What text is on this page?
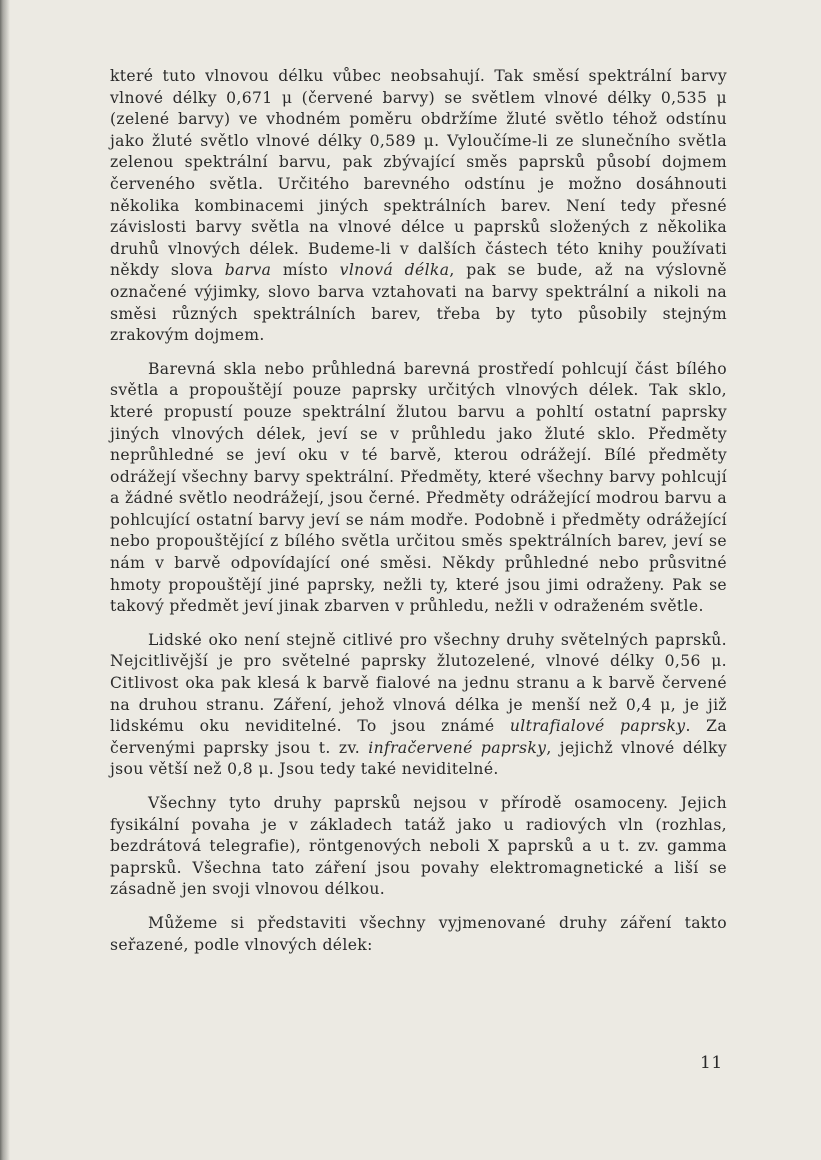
které tuto vlnovou délku vůbec neobsahují. Tak směsí spektrální barvy vlnové délky 0,671 μ (červené barvy) se světlem vlnové délky 0,535 μ (zelené barvy) ve vhodném poměru obdržíme žluté světlo téhož odstínu jako žluté světlo vlnové délky 0,589 μ. Vyloučíme-li ze slunečního světla zelenou spektrální barvu, pak zbývající směs paprsků působí dojmem červeného světla. Určitého barevného odstínu je možno dosáhnouti několika kombinacemi jiných spektrálních barev. Není tedy přesné závislosti barvy světla na vlnové délce u paprsků složených z několika druhů vlnových délek. Budeme-li v dalších částech této knihy používati někdy slova barva místo vlnová délka, pak se bude, až na výslovně označené výjimky, slovo barva vztahovati na barvy spektrální a nikoli na směsi různých spektrálních barev, třeba by tyto působily stejným zrakovým dojmem.

Barevná skla nebo průhledná barevná prostředí pohlcují část bílého světla a propouštějí pouze paprsky určitých vlnových délek. Tak sklo, které propustí pouze spektrální žlutou barvu a pohltí ostatní paprsky jiných vlnových délek, jeví se v průhledu jako žluté sklo. Předměty neprůhledné se jeví oku v té barvě, kterou odrážejí. Bílé předměty odrážejí všechny barvy spektrální. Předměty, které všechny barvy pohlcují a žádné světlo neodrážejí, jsou černé. Předměty odrážející modrou barvu a pohlcující ostatní barvy jeví se nám modře. Podobně i předměty odrážející nebo propouštějící z bílého světla určitou směs spektrálních barev, jeví se nám v barvě odpovídající oné směsi. Někdy průhledné nebo průsvitné hmoty propouštějí jiné paprsky, nežli ty, které jsou jimi odraženy. Pak se takový předmět jeví jinak zbarven v průhledu, nežli v odraženém světle.

Lidské oko není stejně citlivé pro všechny druhy světelných paprsků. Nejcitlivější je pro světelné paprsky žlutozelené, vlnové délky 0,56 μ. Citlivost oka pak klesá k barvě fialové na jednu stranu a k barvě červené na druhou stranu. Záření, jehož vlnová délka je menší než 0,4 μ, je již lidskému oku neviditelné. To jsou známé ultrafialové paprsky. Za červenými paprsky jsou t. zv. infračervené paprsky, jejichž vlnové délky jsou větší než 0,8 μ. Jsou tedy také neviditelné.

Všechny tyto druhy paprsků nejsou v přírodě osamoceny. Jejich fysikální povaha je v základech tatáž jako u radiových vln (rozhlas, bezdrátová telegrafie), röntgenových neboli X paprsků a u t. zv. gamma paprsků. Všechna tato záření jsou povahy elektromagnetické a liší se zásadně jen svoji vlnovou délkou.

Můžeme si představiti všechny vyjmenované druhy záření takto seřazené, podle vlnových délek:

11
